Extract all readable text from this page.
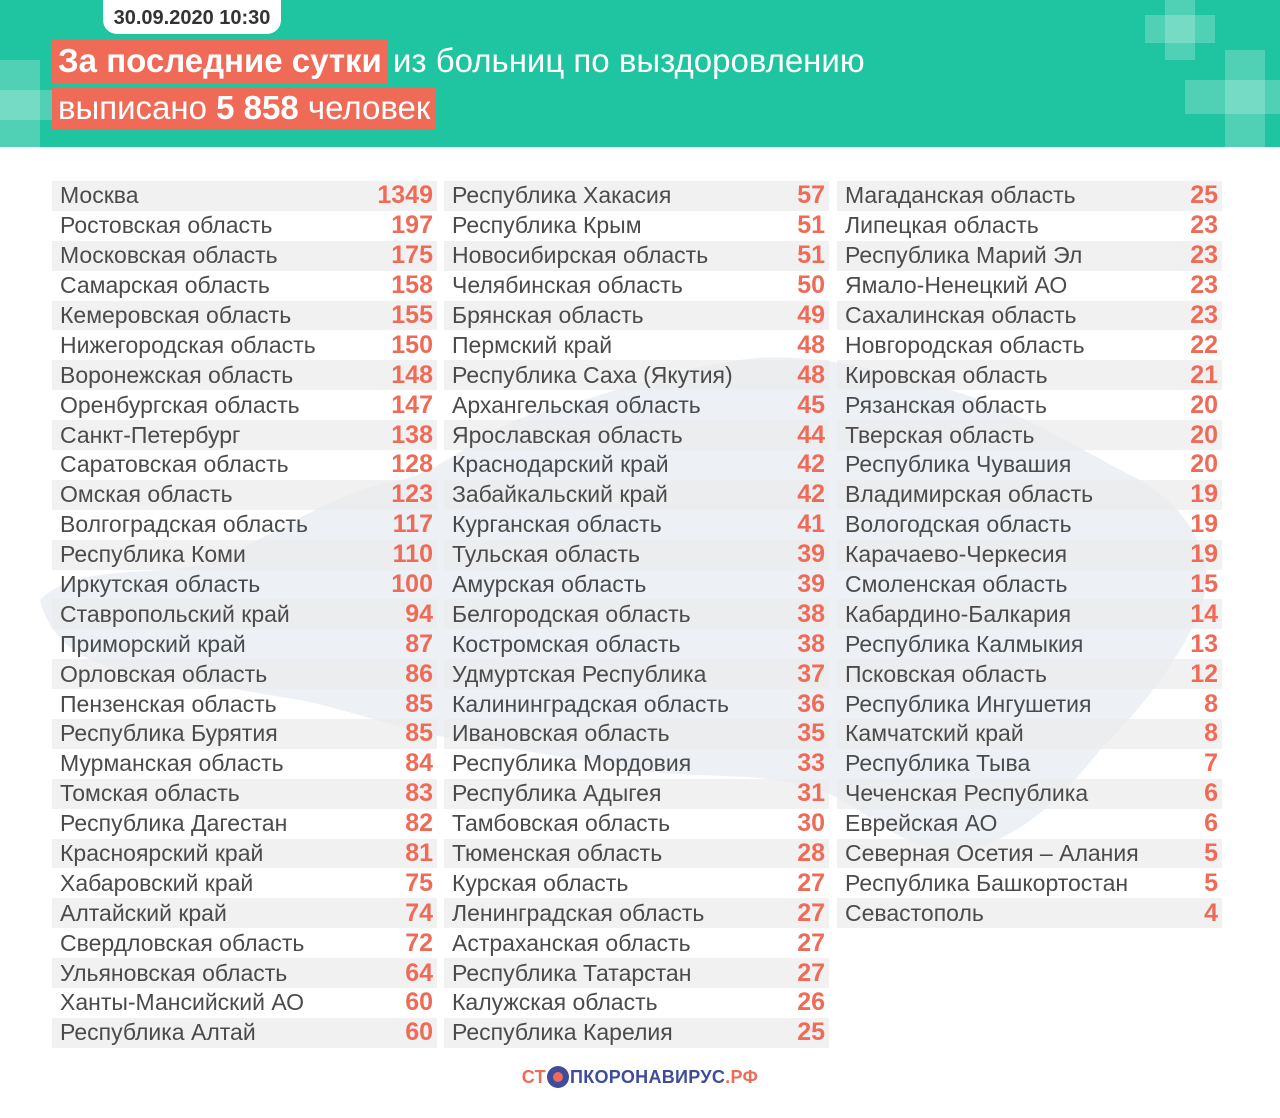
30.09.2020 10:30
За последние сутки из больниц по выздоровлению
выписано 5 858 человек
Москва	1349
Ростовская область	197
Московская область	175
Самарская область	158
Кемеровская область	155
Нижегородская область	150
Воронежская область	148
Оренбургская область	147
Санкт-Петербург	138
Саратовская область	128
Омская область	123
Волгоградская область	117
Республика Коми	110
Иркутская область	100
Ставропольский край	94
Приморский край	87
Орловская область	86
Пензенская область	85
Республика Бурятия	85
Мурманская область	84
Томская область	83
Республика Дагестан	82
Красноярский край	81
Хабаровский край	75
Алтайский край	74
Свердловская область	72
Ульяновская область	64
Ханты-Мансийский АО	60
Республика Алтай	60
Республика Хакасия	57
Республика Крым	51
Новосибирская область	51
Челябинская область	50
Брянская область	49
Пермский край	48
Республика Саха (Якутия)	48
Архангельская область	45
Ярославская область	44
Краснодарский край	42
Забайкальский край	42
Курганская область	41
Тульская область	39
Амурская область	39
Белгородская область	38
Костромская область	38
Удмуртская Республика	37
Калининградская область	36
Ивановская область	35
Республика Мордовия	33
Республика Адыгея	31
Тамбовская область	30
Тюменская область	28
Курская область	27
Ленинградская область	27
Астраханская область	27
Республика Татарстан	27
Калужская область	26
Республика Карелия	25
Магаданская область	25
Липецкая область	23
Республика Марий Эл	23
Ямало-Ненецкий АО	23
Сахалинская область	23
Новгородская область	22
Кировская область	21
Рязанская область	20
Тверская область	20
Республика Чувашия	20
Владимирская область	19
Вологодская область	19
Карачаево-Черкесия	19
Смоленская область	15
Кабардино-Балкария	14
Республика Калмыкия	13
Псковская область	12
Республика Ингушетия	8
Камчатский край	8
Республика Тыва	7
Чеченская Республика	6
Еврейская АО	6
Северная Осетия – Алания	5
Республика Башкортостан	5
Севастополь	4
СТ ПКОРОНАВИРУС.РФ
